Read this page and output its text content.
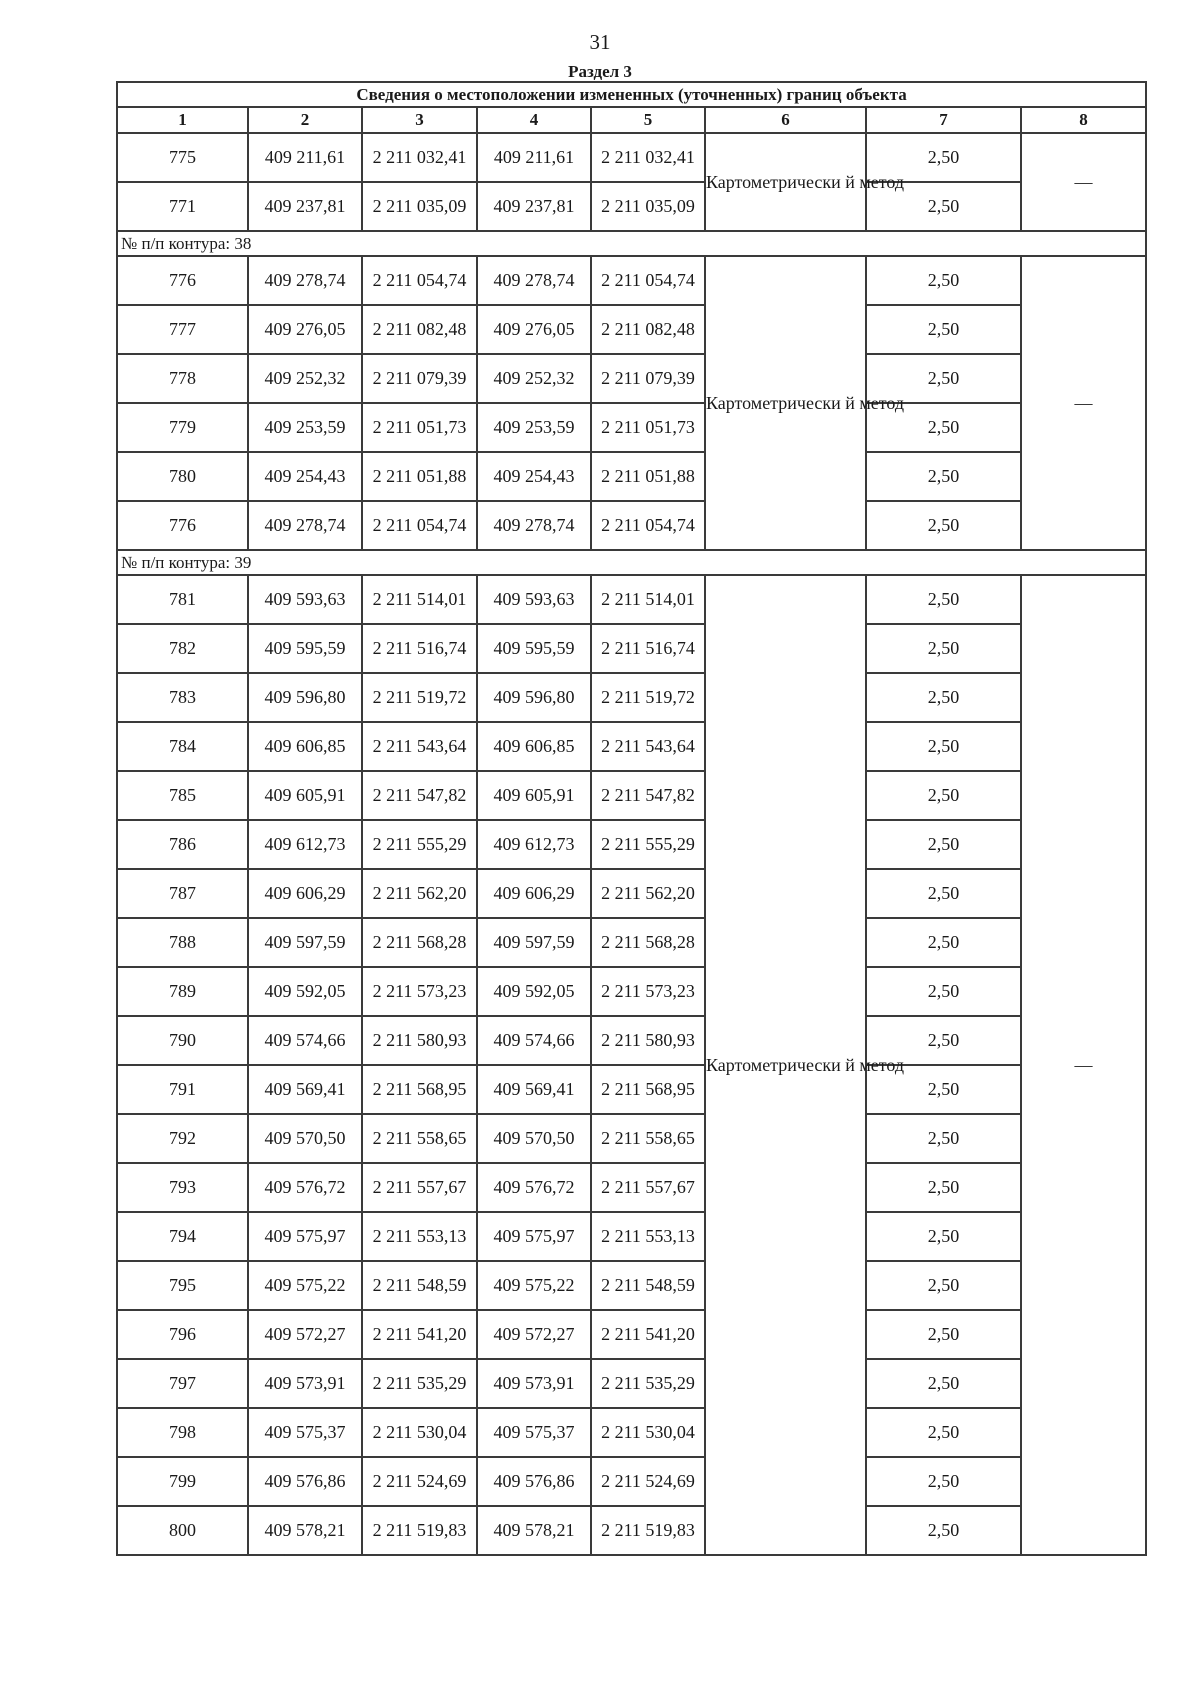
31
Раздел 3
Сведения о местоположении измененных (уточненных) границ объекта							
1	2	3	4	5	6	7	8
775	409 211,61	2 211 032,41	409 211,61	2 211 032,41	Картометрически й метод	2,50	—
771	409 237,81	2 211 035,09	409 237,81	2 211 035,09		2,50	
№ п/п контура: 38							
776	409 278,74	2 211 054,74	409 278,74	2 211 054,74	Картометрически й метод	2,50	—
777	409 276,05	2 211 082,48	409 276,05	2 211 082,48		2,50	
778	409 252,32	2 211 079,39	409 252,32	2 211 079,39		2,50	
779	409 253,59	2 211 051,73	409 253,59	2 211 051,73		2,50	
780	409 254,43	2 211 051,88	409 254,43	2 211 051,88		2,50	
776	409 278,74	2 211 054,74	409 278,74	2 211 054,74		2,50	
№ п/п контура: 39							
781	409 593,63	2 211 514,01	409 593,63	2 211 514,01	Картометрически й метод	2,50	—
782	409 595,59	2 211 516,74	409 595,59	2 211 516,74		2,50	
783	409 596,80	2 211 519,72	409 596,80	2 211 519,72		2,50	
784	409 606,85	2 211 543,64	409 606,85	2 211 543,64		2,50	
785	409 605,91	2 211 547,82	409 605,91	2 211 547,82		2,50	
786	409 612,73	2 211 555,29	409 612,73	2 211 555,29		2,50	
787	409 606,29	2 211 562,20	409 606,29	2 211 562,20		2,50	
788	409 597,59	2 211 568,28	409 597,59	2 211 568,28		2,50	
789	409 592,05	2 211 573,23	409 592,05	2 211 573,23		2,50	
790	409 574,66	2 211 580,93	409 574,66	2 211 580,93		2,50	
791	409 569,41	2 211 568,95	409 569,41	2 211 568,95		2,50	
792	409 570,50	2 211 558,65	409 570,50	2 211 558,65		2,50	
793	409 576,72	2 211 557,67	409 576,72	2 211 557,67		2,50	
794	409 575,97	2 211 553,13	409 575,97	2 211 553,13		2,50	
795	409 575,22	2 211 548,59	409 575,22	2 211 548,59		2,50	
796	409 572,27	2 211 541,20	409 572,27	2 211 541,20		2,50	
797	409 573,91	2 211 535,29	409 573,91	2 211 535,29		2,50	
798	409 575,37	2 211 530,04	409 575,37	2 211 530,04		2,50	
799	409 576,86	2 211 524,69	409 576,86	2 211 524,69		2,50	
800	409 578,21	2 211 519,83	409 578,21	2 211 519,83		2,50	
